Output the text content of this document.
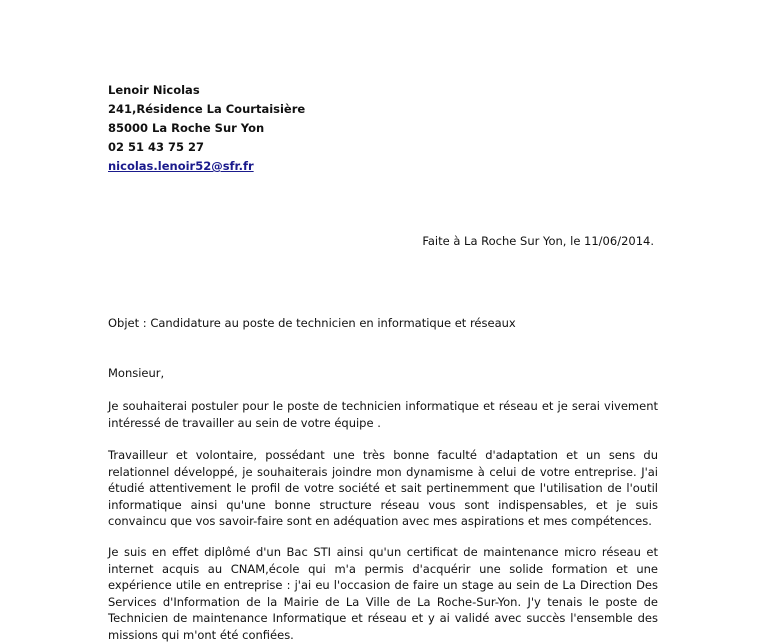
Lenoir Nicolas
241,Résidence La Courtaisière
85000 La Roche Sur Yon
02 51 43 75 27
nicolas.lenoir52@sfr.fr
Faite à La Roche Sur Yon, le 11/06/2014.
Objet : Candidature au poste de technicien en informatique et réseaux
Monsieur,
Je souhaiterai postuler pour le poste de technicien informatique et réseau et je serai vivement intéressé de travailler au sein de votre équipe .
Travailleur et volontaire, possédant une très bonne faculté d'adaptation et un sens du relationnel développé, je souhaiterais joindre mon dynamisme à celui de votre entreprise. J'ai étudié attentivement le profil de votre société et sait pertinemment que l'utilisation de l'outil informatique ainsi qu'une bonne structure réseau vous sont indispensables, et je suis convaincu que vos savoir-faire sont en adéquation avec mes aspirations et mes compétences.
Je suis en effet diplômé d'un Bac STI ainsi qu'un certificat de maintenance micro réseau et internet acquis au CNAM,école qui m'a permis d'acquérir une solide formation et une expérience utile en entreprise : j'ai eu l'occasion de faire un stage au sein de La Direction Des Services d'Information de la Mairie de La Ville de La Roche-Sur-Yon. J'y tenais le poste de Technicien de maintenance Informatique et réseau et y ai validé avec succès l'ensemble des missions qui m'ont été confiées.
